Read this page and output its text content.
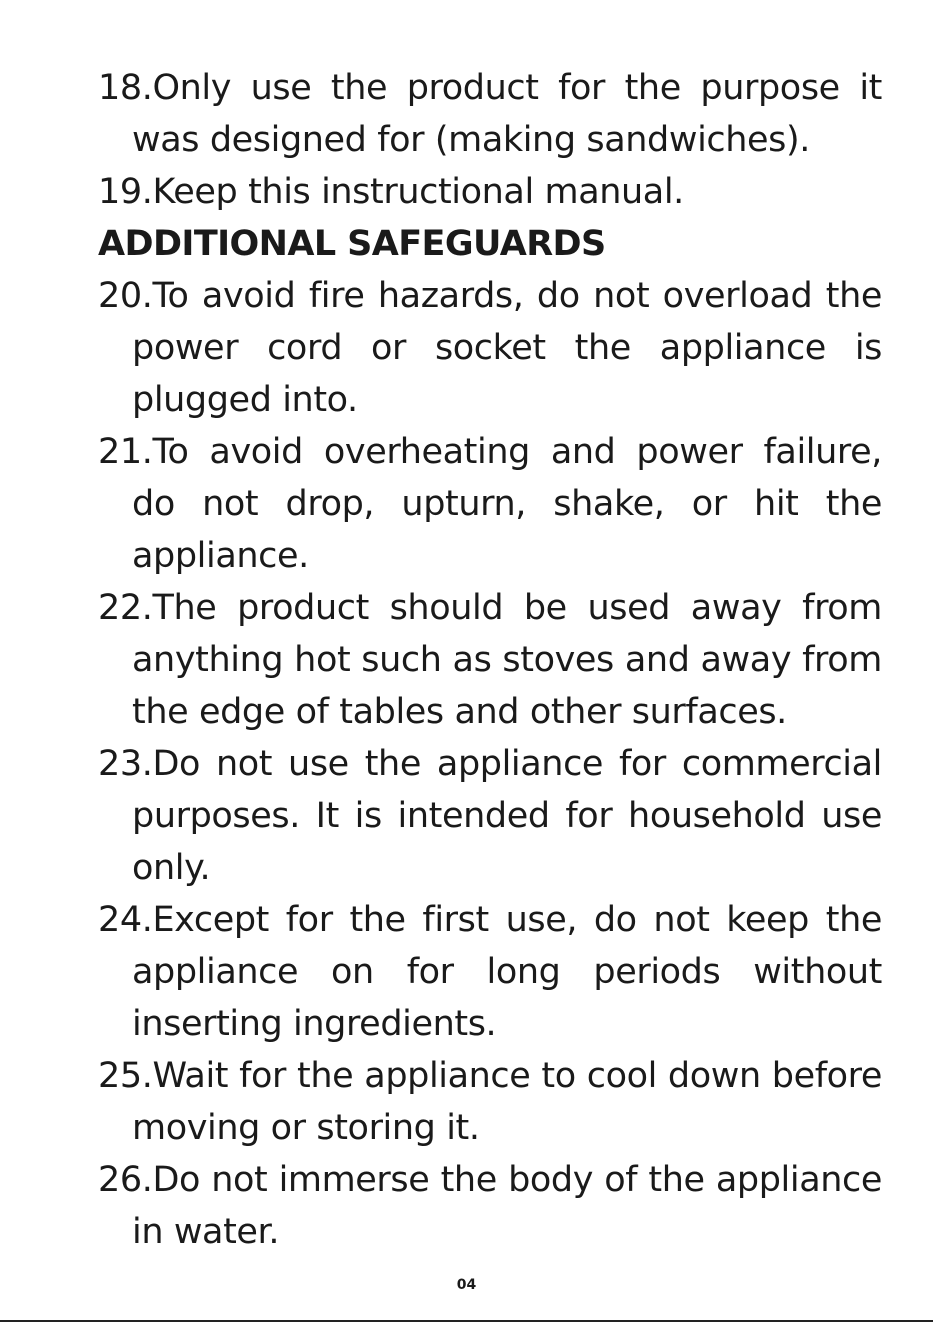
18.Only use the product for the purpose it was designed for (making sandwiches).

19.Keep this instructional manual.

ADDITIONAL SAFEGUARDS

20.To avoid fire hazards, do not overload the power cord or socket the appliance is plugged into.

21.To avoid overheating and power failure, do not drop, upturn, shake, or hit the appliance.

22.The product should be used away from anything hot such as stoves and away from the edge of tables and other surfaces.

23.Do not use the appliance for commercial purposes. It is intended for household use only.

24.Except for the first use, do not keep the appliance on for long periods without inserting ingredients.

25.Wait for the appliance to cool down before moving or storing it.

26.Do not immerse the body of the appliance in water.

04
